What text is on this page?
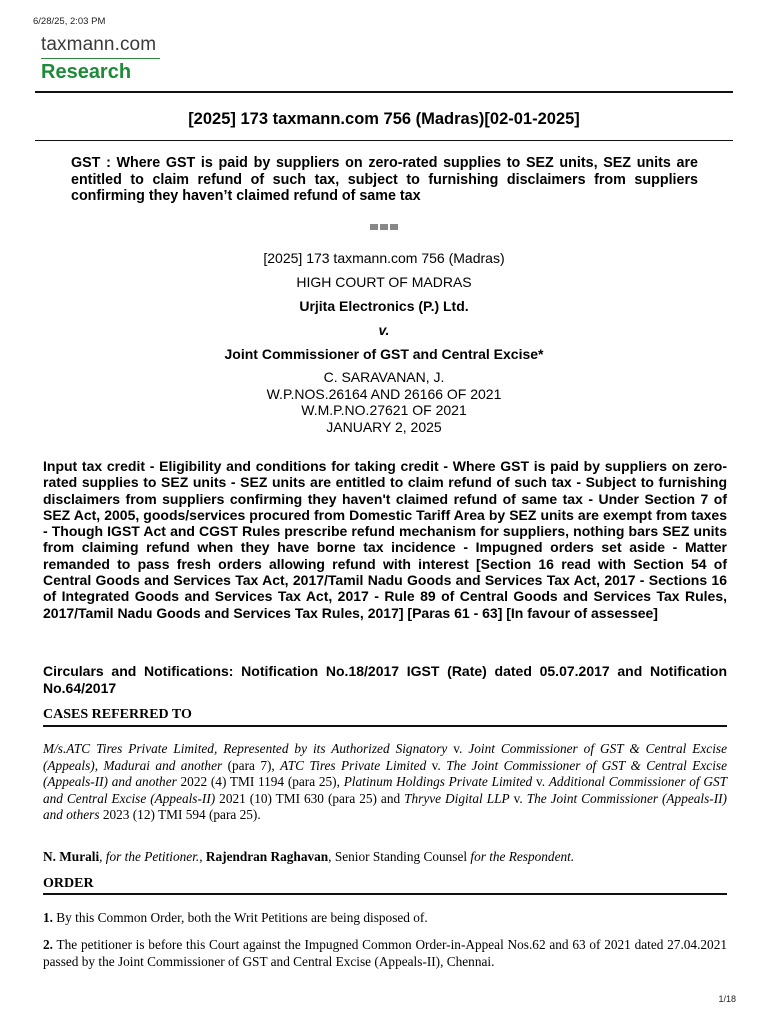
6/28/25, 2:03 PM
taxmann.com
Research
[2025] 173 taxmann.com 756 (Madras)[02-01-2025]
GST : Where GST is paid by suppliers on zero-rated supplies to SEZ units, SEZ units are entitled to claim refund of such tax, subject to furnishing disclaimers from suppliers confirming they haven’t claimed refund of same tax
[2025] 173 taxmann.com 756 (Madras)
HIGH COURT OF MADRAS
Urjita Electronics (P.) Ltd.
v.
Joint Commissioner of GST and Central Excise*
C. SARAVANAN, J.
W.P.NOS.26164 AND 26166 OF 2021
W.M.P.NO.27621 OF 2021
JANUARY 2, 2025
Input tax credit - Eligibility and conditions for taking credit - Where GST is paid by suppliers on zero-rated supplies to SEZ units - SEZ units are entitled to claim refund of such tax - Subject to furnishing disclaimers from suppliers confirming they haven't claimed refund of same tax - Under Section 7 of SEZ Act, 2005, goods/services procured from Domestic Tariff Area by SEZ units are exempt from taxes - Though IGST Act and CGST Rules prescribe refund mechanism for suppliers, nothing bars SEZ units from claiming refund when they have borne tax incidence - Impugned orders set aside - Matter remanded to pass fresh orders allowing refund with interest [Section 16 read with Section 54 of Central Goods and Services Tax Act, 2017/Tamil Nadu Goods and Services Tax Act, 2017 - Sections 16 of Integrated Goods and Services Tax Act, 2017 - Rule 89 of Central Goods and Services Tax Rules, 2017/Tamil Nadu Goods and Services Tax Rules, 2017] [Paras 61 - 63] [In favour of assessee]
Circulars and Notifications: Notification No.18/2017 IGST (Rate) dated 05.07.2017 and Notification No.64/2017
CASES REFERRED TO
M/s.ATC Tires Private Limited, Represented by its Authorized Signatory v. Joint Commissioner of GST & Central Excise (Appeals), Madurai and another (para 7), ATC Tires Private Limited v. The Joint Commissioner of GST & Central Excise (Appeals-II) and another 2022 (4) TMI 1194 (para 25), Platinum Holdings Private Limited v. Additional Commissioner of GST and Central Excise (Appeals-II) 2021 (10) TMI 630 (para 25) and Thryve Digital LLP v. The Joint Commissioner (Appeals-II) and others 2023 (12) TMI 594 (para 25).
N. Murali, for the Petitioner., Rajendran Raghavan, Senior Standing Counsel for the Respondent.
ORDER
1. By this Common Order, both the Writ Petitions are being disposed of.
2. The petitioner is before this Court against the Impugned Common Order-in-Appeal Nos.62 and 63 of 2021 dated 27.04.2021 passed by the Joint Commissioner of GST and Central Excise (Appeals-II), Chennai.
1/18
